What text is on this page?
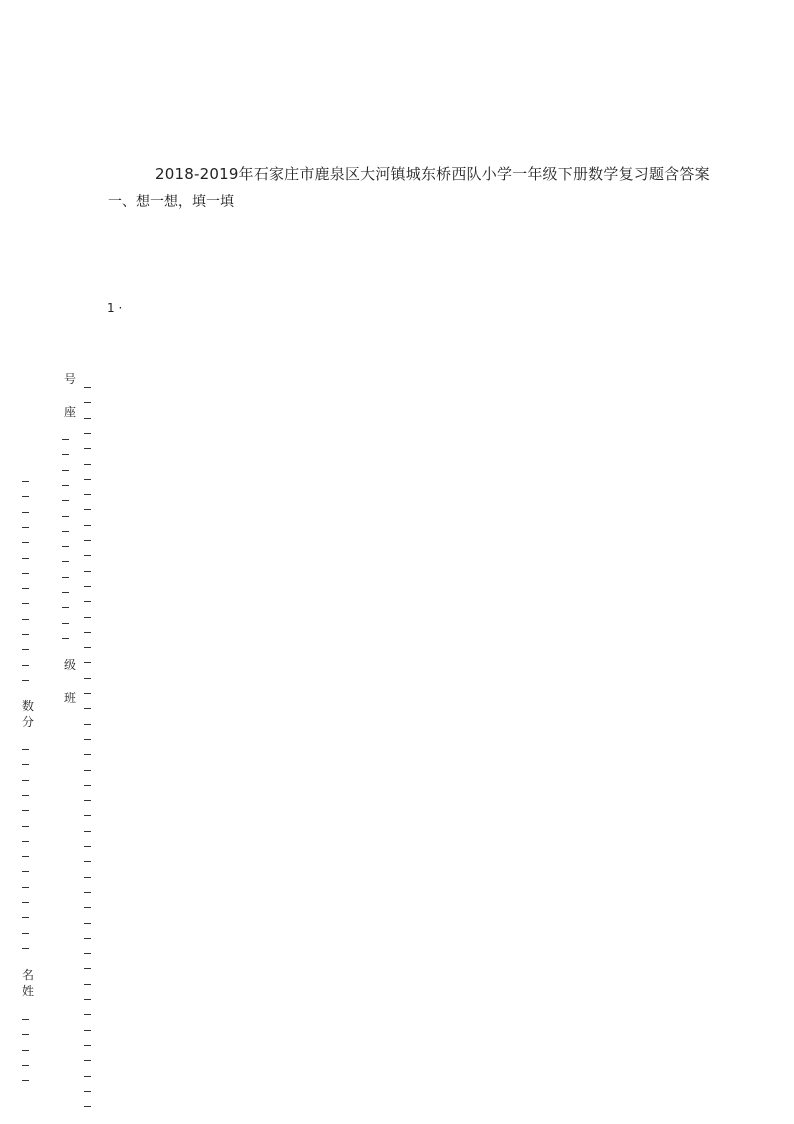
2018-2019年石家庄市鹿泉区大河镇城东桥西队小学一年级下册数学复习题含答案
一、想一想，填一填
1 ·
号
座
级
班
数
分
名
姓
